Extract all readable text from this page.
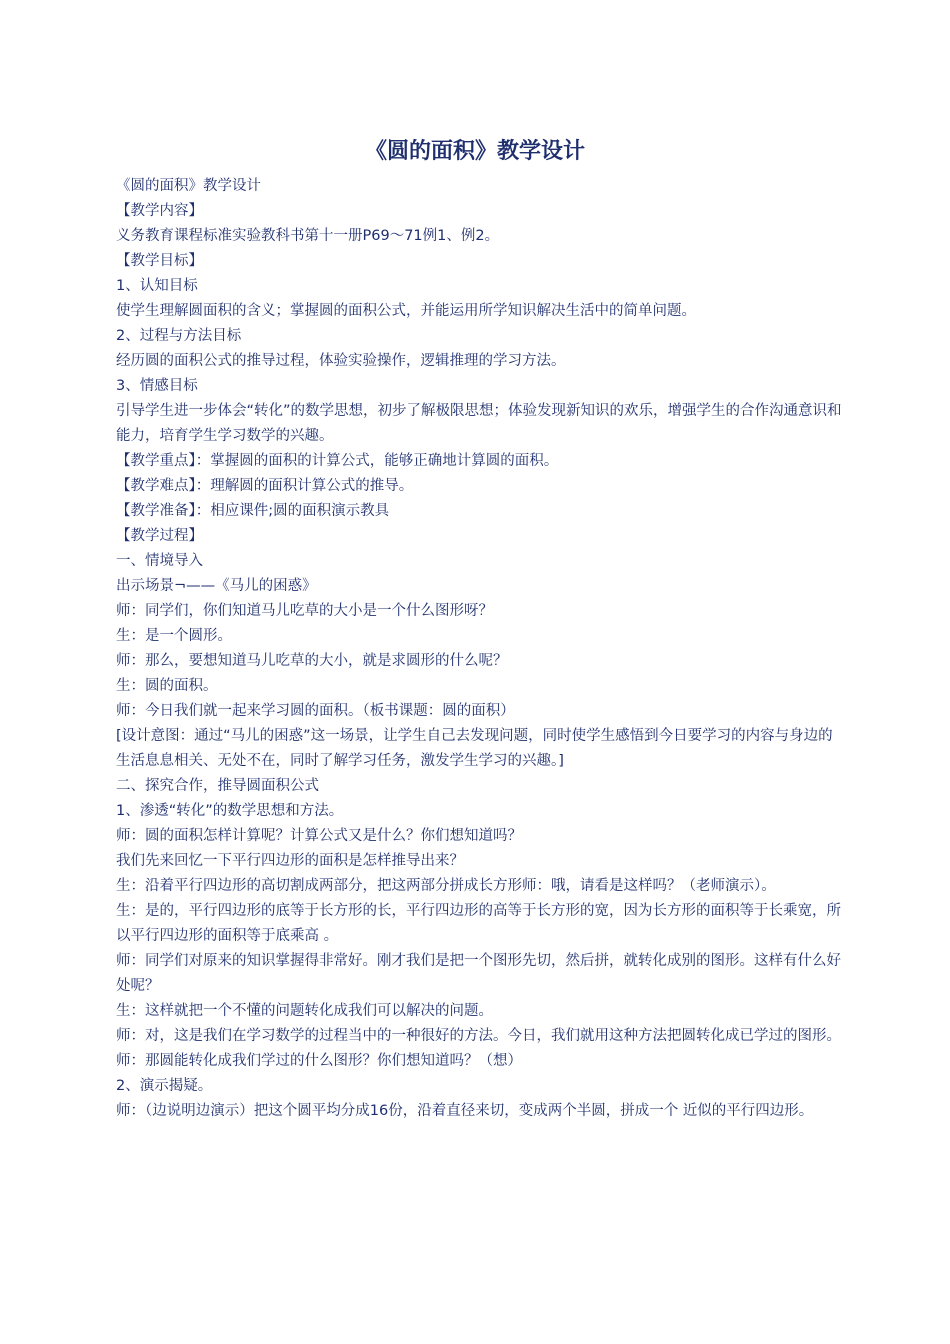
《圆的面积》教学设计

《圆的面积》教学设计

【教学内容】

义务教育课程标准实验教科书第十一册P69～71例1、例2。

【教学目标】

1、认知目标

使学生理解圆面积的含义；掌握圆的面积公式，并能运用所学知识解决生活中的简单问题。

2、过程与方法目标

经历圆的面积公式的推导过程，体验实验操作，逻辑推理的学习方法。

3、情感目标

引导学生进一步体会“转化”的数学思想，初步了解极限思想；体验发现新知识的欢乐，增强学生的合作沟通意识和能力，培育学生学习数学的兴趣。

【教学重点】：掌握圆的面积的计算公式，能够正确地计算圆的面积。

【教学难点】：理解圆的面积计算公式的推导。

【教学准备】：相应课件;圆的面积演示教具

【教学过程】

一、情境导入

出示场景¬——《马儿的困惑》

师：同学们，你们知道马儿吃草的大小是一个什么图形呀？

生：是一个圆形。

师：那么，要想知道马儿吃草的大小，就是求圆形的什么呢？

生：圆的面积。

师：今日我们就一起来学习圆的面积。（板书课题：圆的面积）

[设计意图：通过“马儿的困惑”这一场景，让学生自己去发现问题，同时使学生感悟到今日要学习的内容与身边的生活息息相关、无处不在，同时了解学习任务，激发学生学习的兴趣。]

二、探究合作，推导圆面积公式

1、渗透“转化”的数学思想和方法。

师：圆的面积怎样计算呢？计算公式又是什么？你们想知道吗？

我们先来回忆一下平行四边形的面积是怎样推导出来？

生：沿着平行四边形的高切割成两部分，把这两部分拼成长方形师：哦，请看是这样吗？（老师演示）。

生：是的，平行四边形的底等于长方形的长，平行四边形的高等于长方形的宽，因为长方形的面积等于长乘宽，所以平行四边形的面积等于底乘高 。

师：同学们对原来的知识掌握得非常好。刚才我们是把一个图形先切，然后拼，就转化成别的图形。这样有什么好处呢？

生：这样就把一个不懂的问题转化成我们可以解决的问题。

师：对，这是我们在学习数学的过程当中的一种很好的方法。今日，我们就用这种方法把圆转化成已学过的图形。

师：那圆能转化成我们学过的什么图形？你们想知道吗？（想）

2、演示揭疑。

师：（边说明边演示）把这个圆平均分成16份，沿着直径来切，变成两个半圆，拼成一个 近似的平行四边形。
